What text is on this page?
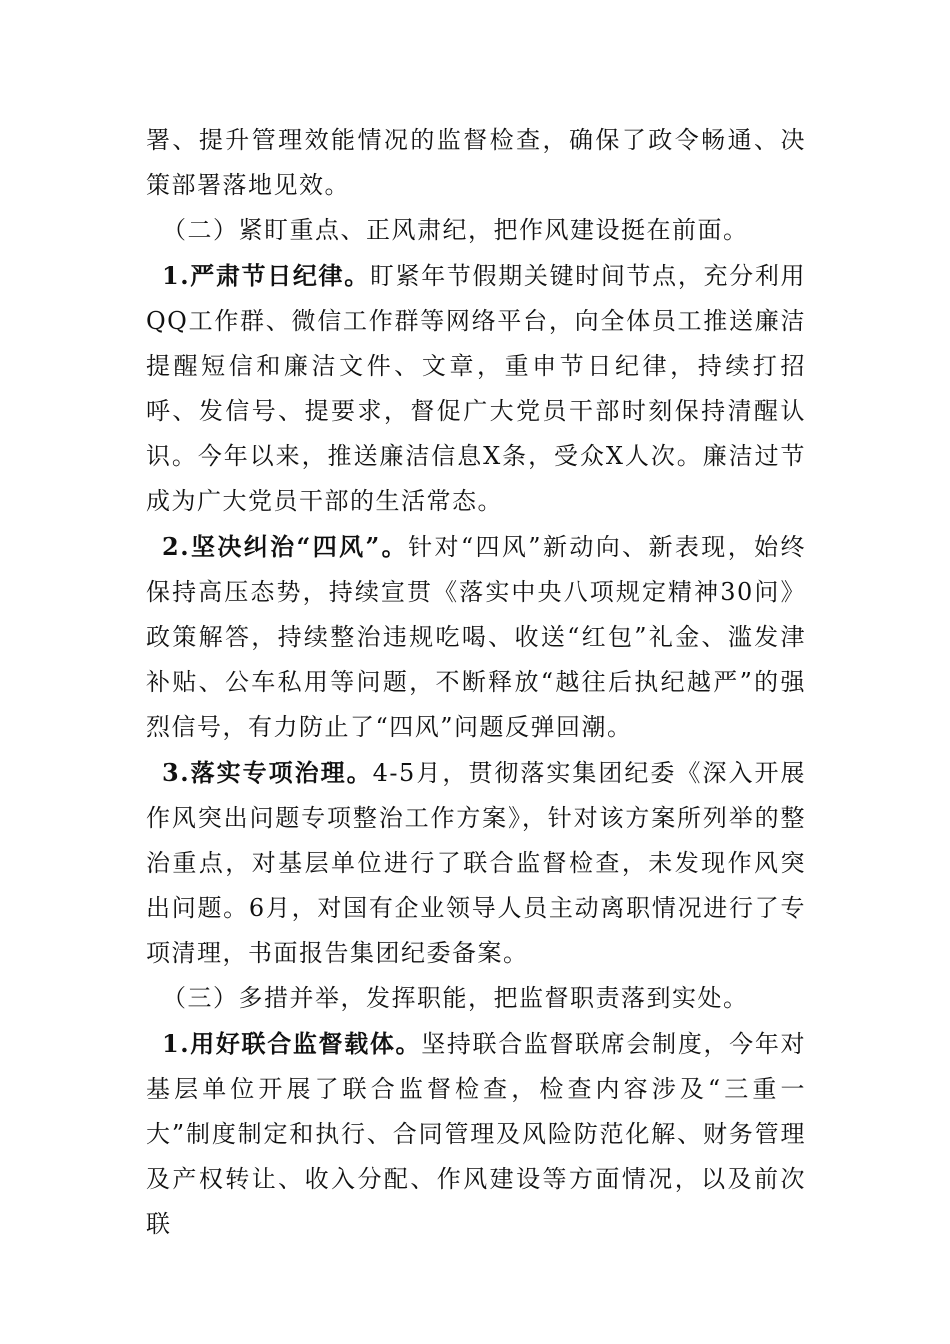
署、提升管理效能情况的监督检查，确保了政令畅通、决策部署落地见效。

（二）紧盯重点、正风肃纪，把作风建设挺在前面。

1.严肃节日纪律。盯紧年节假期关键时间节点，充分利用QQ工作群、微信工作群等网络平台，向全体员工推送廉洁提醒短信和廉洁文件、文章，重申节日纪律，持续打招呼、发信号、提要求，督促广大党员干部时刻保持清醒认识。今年以来，推送廉洁信息X条，受众X人次。廉洁过节成为广大党员干部的生活常态。

2.坚决纠治“四风”。针对“四风”新动向、新表现，始终保持高压态势，持续宣贯《落实中央八项规定精神30问》政策解答，持续整治违规吃喝、收送“红包”礼金、滥发津补贴、公车私用等问题，不断释放“越往后执纪越严”的强烈信号，有力防止了“四风”问题反弹回潮。

3.落实专项治理。4-5月，贯彻落实集团纪委《深入开展作风突出问题专项整治工作方案》，针对该方案所列举的整治重点，对基层单位进行了联合监督检查，未发现作风突出问题。6月，对国有企业领导人员主动离职情况进行了专项清理，书面报告集团纪委备案。

（三）多措并举，发挥职能，把监督职责落到实处。

1.用好联合监督载体。坚持联合监督联席会制度，今年对基层单位开展了联合监督检查，检查内容涉及“三重一大”制度制定和执行、合同管理及风险防范化解、财务管理及产权转让、收入分配、作风建设等方面情况，以及前次联
